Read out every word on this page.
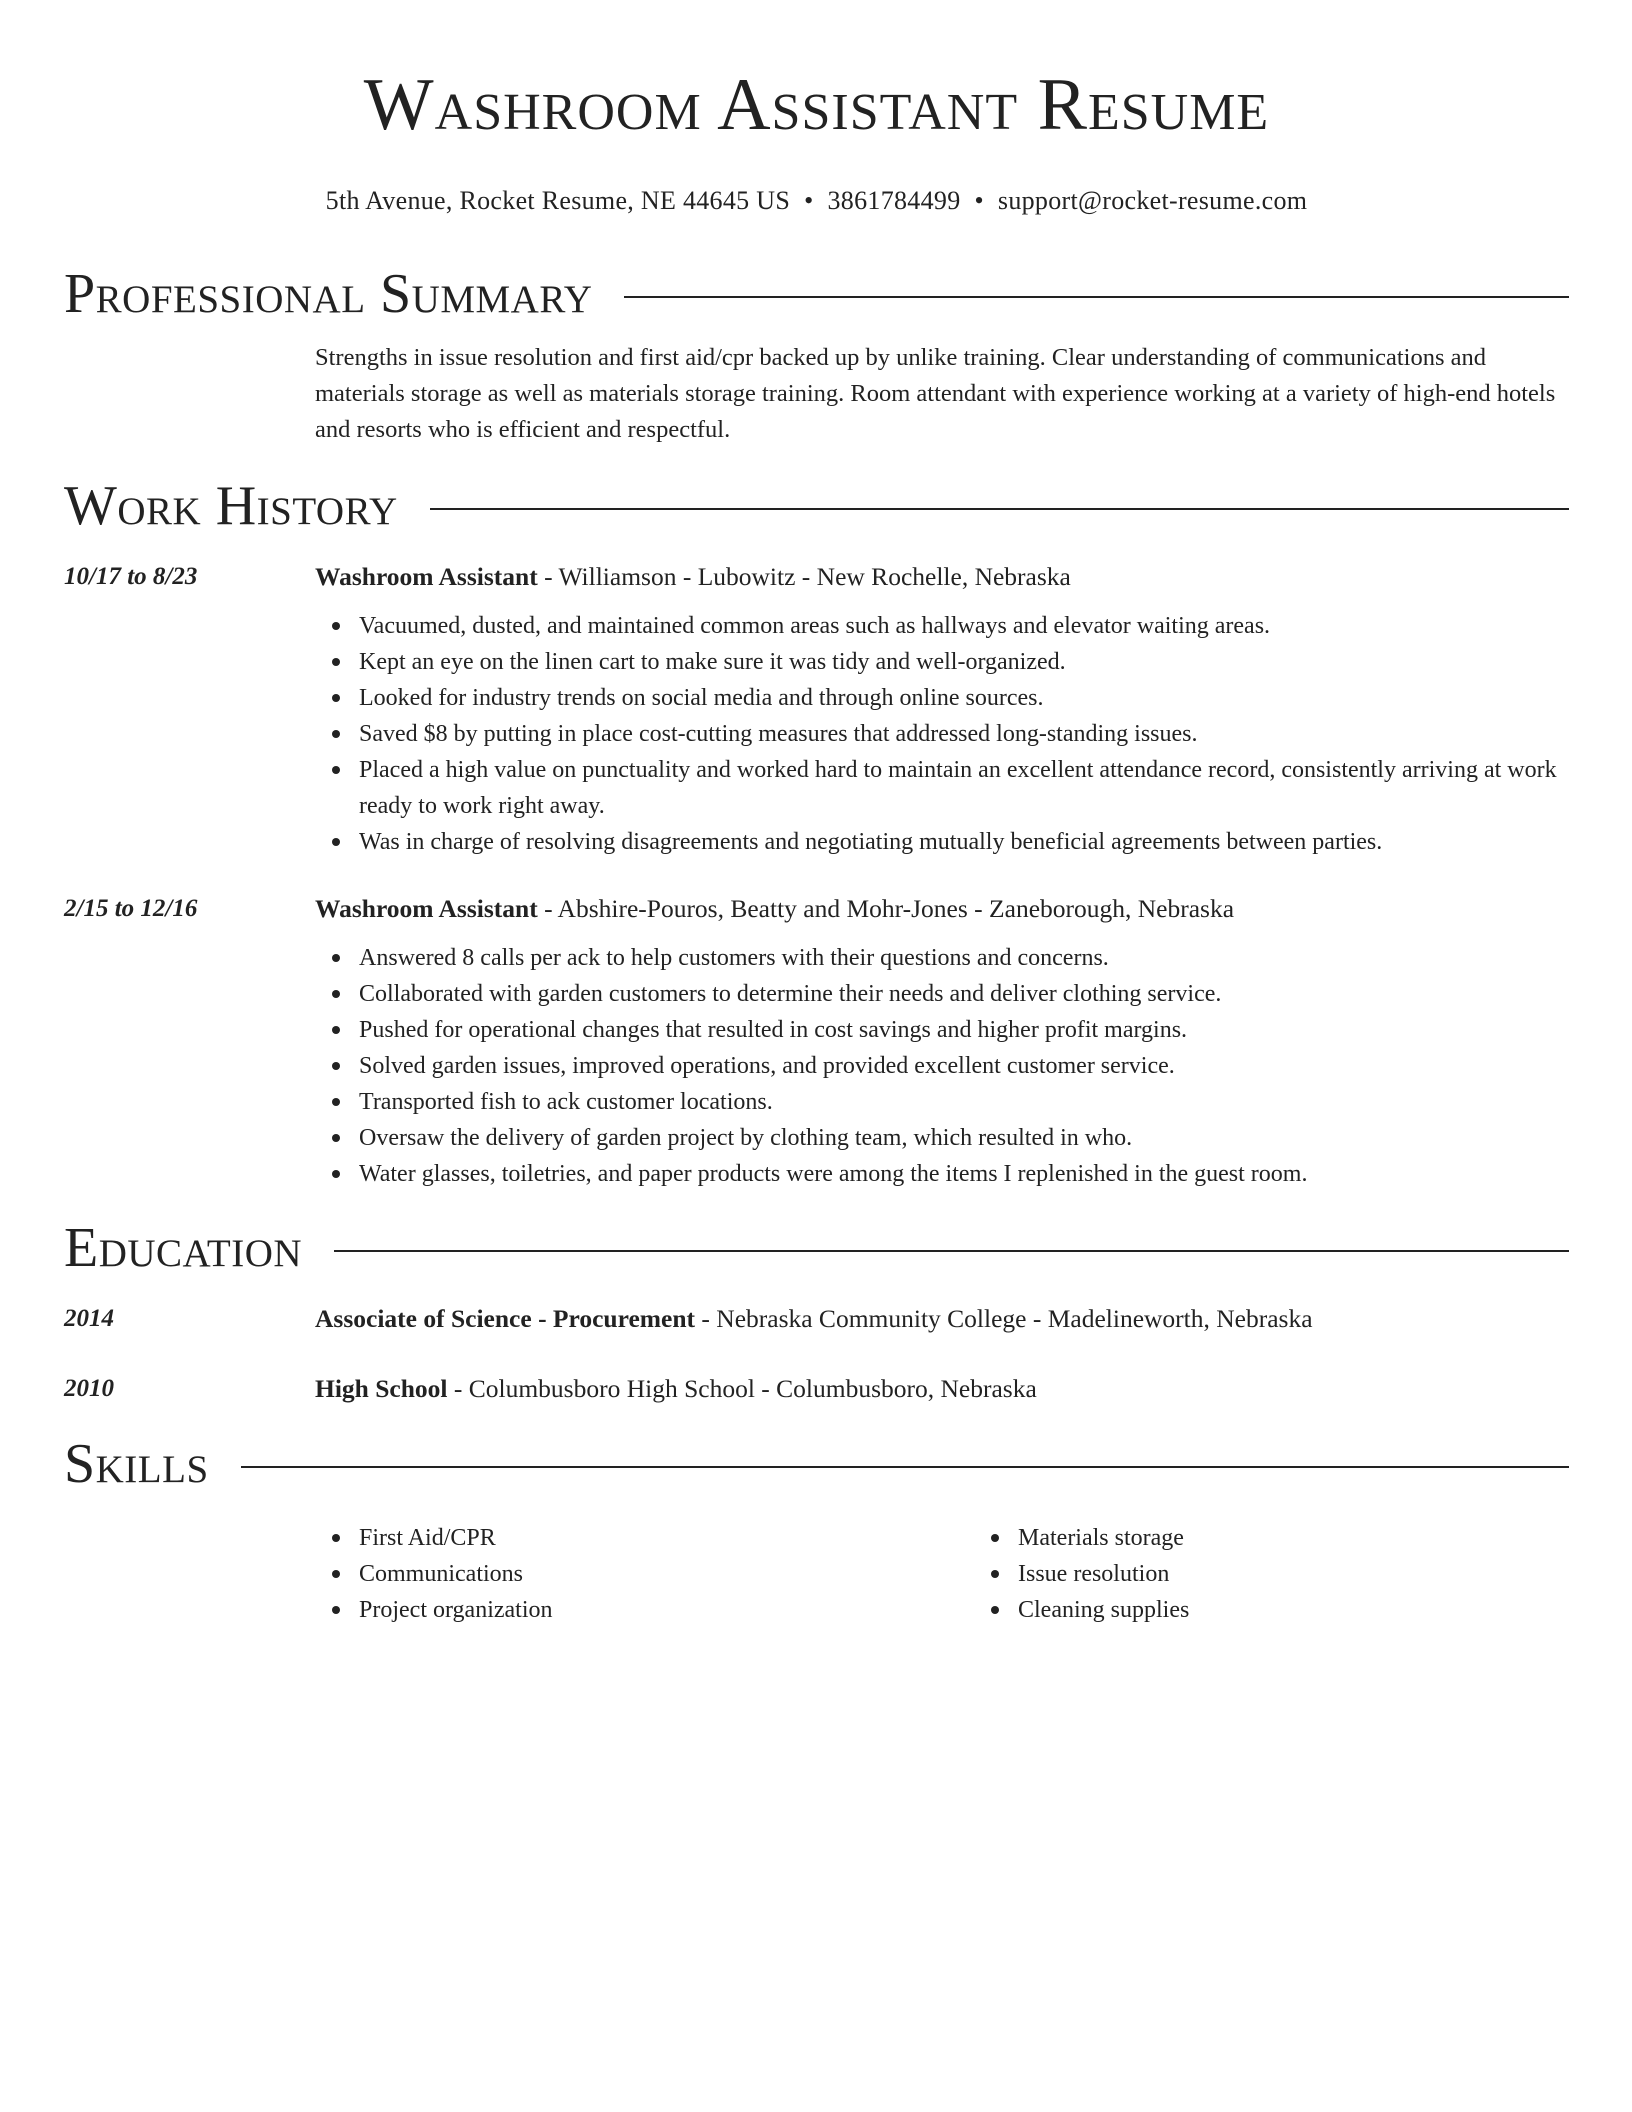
Washroom Assistant Resume
5th Avenue, Rocket Resume, NE 44645 US • 3861784499 • support@rocket-resume.com
Professional Summary
Strengths in issue resolution and first aid/cpr backed up by unlike training. Clear understanding of communications and materials storage as well as materials storage training. Room attendant with experience working at a variety of high-end hotels and resorts who is efficient and respectful.
Work History
10/17 to 8/23	Washroom Assistant - Williamson - Lubowitz - New Rochelle, Nebraska
Vacuumed, dusted, and maintained common areas such as hallways and elevator waiting areas.
Kept an eye on the linen cart to make sure it was tidy and well-organized.
Looked for industry trends on social media and through online sources.
Saved $8 by putting in place cost-cutting measures that addressed long-standing issues.
Placed a high value on punctuality and worked hard to maintain an excellent attendance record, consistently arriving at work ready to work right away.
Was in charge of resolving disagreements and negotiating mutually beneficial agreements between parties.
2/15 to 12/16	Washroom Assistant - Abshire-Pouros, Beatty and Mohr-Jones - Zaneborough, Nebraska
Answered 8 calls per ack to help customers with their questions and concerns.
Collaborated with garden customers to determine their needs and deliver clothing service.
Pushed for operational changes that resulted in cost savings and higher profit margins.
Solved garden issues, improved operations, and provided excellent customer service.
Transported fish to ack customer locations.
Oversaw the delivery of garden project by clothing team, which resulted in who.
Water glasses, toiletries, and paper products were among the items I replenished in the guest room.
Education
2014	Associate of Science - Procurement - Nebraska Community College - Madelineworth, Nebraska
2010	High School - Columbusboro High School - Columbusboro, Nebraska
Skills
First Aid/CPR
Communications
Project organization
Materials storage
Issue resolution
Cleaning supplies
